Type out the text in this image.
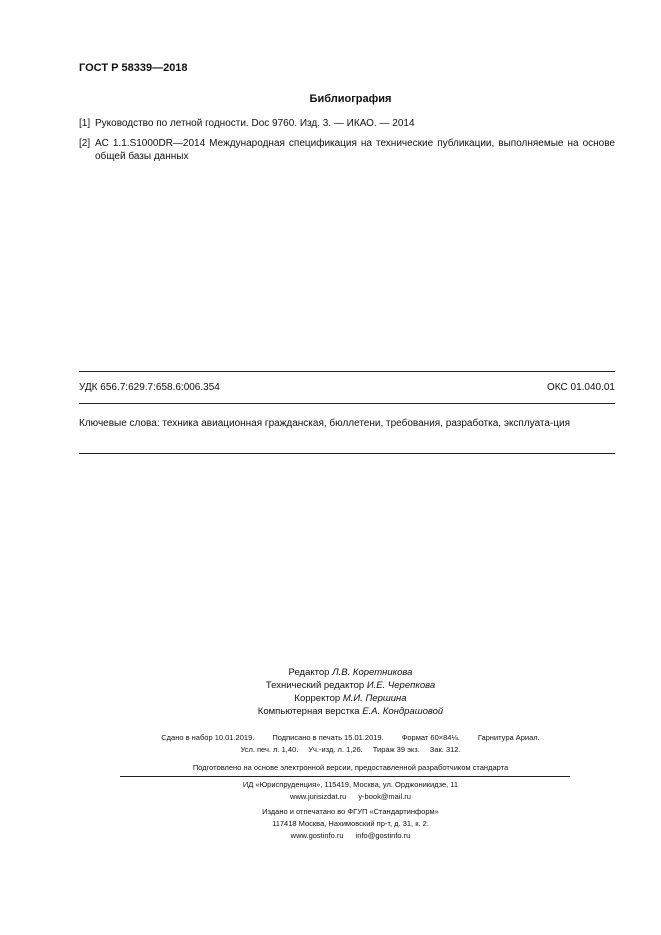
ГОСТ Р 58339—2018
Библиография
[1] Руководство по летной годности. Doc 9760. Изд. 3. — ИКАО. — 2014
[2] AC 1.1.S1000DR—2014 Международная спецификация на технические публикации, выполняемые на основе общей базы данных
УДК 656.7:629.7:658.6:006.354	ОКС 01.040.01
Ключевые слова: техника авиационная гражданская, бюллетени, требования, разработка, эксплуата-ция
Редактор Л.В. Коретникова
Технический редактор И.Е. Черепкова
Корректор М.И. Першина
Компьютерная верстка Е.А. Кондрашовой
Сдано в набор 10.01.2019. Подписано в печать 15.01.2019. Формат 60×84⅛. Гарнитура Ариал.
Усл. печ. л. 1,40. Уч.-изд. л. 1,26. Тираж 39 экз. Зак. 312.
Подготовлено на основе электронной версии, предоставленной разработчиком стандарта
ИД «Юриспруденция», 115419, Москва, ул. Орджоникидзе, 11
www.jurisizdat.ru y-book@mail.ru
Издано и отпечатано во ФГУП «Стандартинформ»
117418 Москва, Нахимовский пр-т, д. 31, к. 2.
www.gostinfo.ru info@gostinfo.ru
